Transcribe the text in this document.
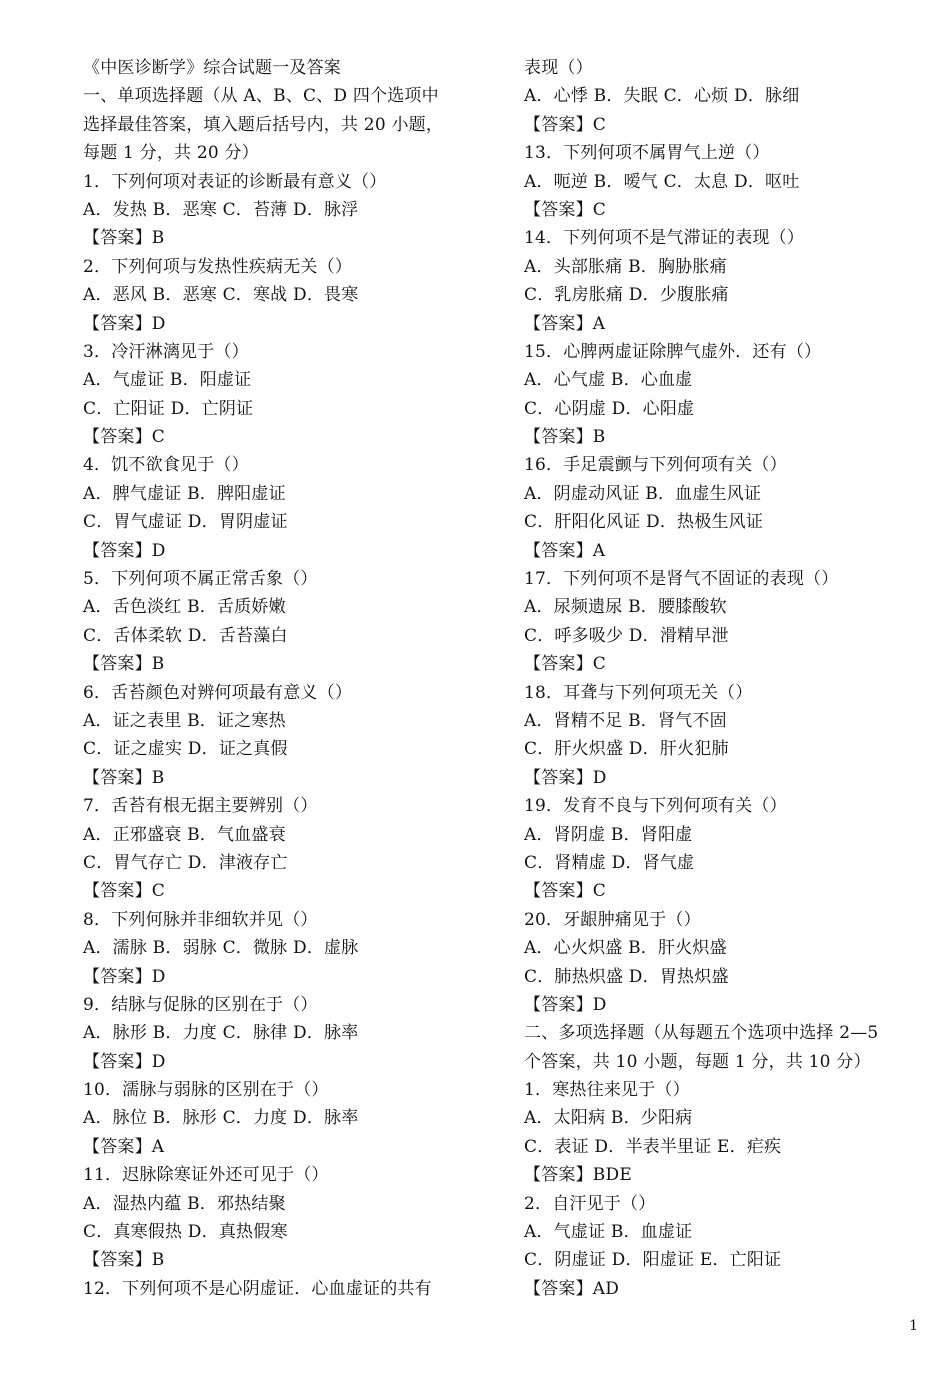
《中医诊断学》综合试题一及答案
一、单项选择题（从 A、B、C、D 四个选项中
选择最佳答案，填入题后括号内，共 20 小题，
每题 1 分，共 20 分）
1．下列何项对表证的诊断最有意义（）
A．发热 B．恶寒 C．苔薄 D．脉浮
【答案】B
2．下列何项与发热性疾病无关（）
A．恶风 B．恶寒 C．寒战 D．畏寒
【答案】D
3．冷汗淋漓见于（）
A．气虚证 B．阳虚证
C．亡阳证 D．亡阴证
【答案】C
4．饥不欲食见于（）
A．脾气虚证 B．脾阳虚证
C．胃气虚证 D．胃阴虚证
【答案】D
5．下列何项不属正常舌象（）
A．舌色淡红 B．舌质娇嫩
C．舌体柔软 D．舌苔藻白
【答案】B
6．舌苔颜色对辨何项最有意义（）
A．证之表里 B．证之寒热
C．证之虚实 D．证之真假
【答案】B
7．舌苔有根无据主要辨别（）
A．正邪盛衰 B．气血盛衰
C．胃气存亡 D．津液存亡
【答案】C
8．下列何脉并非细软并见（）
A．濡脉 B．弱脉 C．微脉 D．虚脉
【答案】D
9．结脉与促脉的区别在于（）
A．脉形 B．力度 C．脉律 D．脉率
【答案】D
10．濡脉与弱脉的区别在于（）
A．脉位 B．脉形 C．力度 D．脉率
【答案】A
11．迟脉除寒证外还可见于（）
A．湿热内蕴 B．邪热结聚
C．真寒假热 D．真热假寒
【答案】B
12．下列何项不是心阴虚证．心血虚证的共有
表现（）
A．心悸 B．失眠 C．心烦 D．脉细
【答案】C
13．下列何项不属胃气上逆（）
A．呃逆 B．嗳气 C．太息 D．呕吐
【答案】C
14．下列何项不是气滞证的表现（）
A．头部胀痛 B．胸胁胀痛
C．乳房胀痛 D．少腹胀痛
【答案】A
15．心脾两虚证除脾气虚外．还有（）
A．心气虚 B．心血虚
C．心阴虚 D．心阳虚
【答案】B
16．手足震颤与下列何项有关（）
A．阴虚动风证 B．血虚生风证
C．肝阳化风证 D．热极生风证
【答案】A
17．下列何项不是肾气不固证的表现（）
A．尿频遗尿 B．腰膝酸软
C．呼多吸少 D．滑精早泄
【答案】C
18．耳聋与下列何项无关（）
A．肾精不足 B．肾气不固
C．肝火炽盛 D．肝火犯肺
【答案】D
19．发育不良与下列何项有关（）
A．肾阴虚 B．肾阳虚
C．肾精虚 D．肾气虚
【答案】C
20．牙龈肿痛见于（）
A．心火炽盛 B．肝火炽盛
C．肺热炽盛 D．胃热炽盛
【答案】D
二、多项选择题（从每题五个选项中选择 2—5
个答案，共 10 小题，每题 1 分，共 10 分）
1．寒热往来见于（）
A．太阳病 B．少阳病
C．表证 D．半表半里证 E．疟疾
【答案】BDE
2．自汗见于（）
A．气虚证 B．血虚证
C．阴虚证 D．阳虚证 E．亡阳证
【答案】AD
1
